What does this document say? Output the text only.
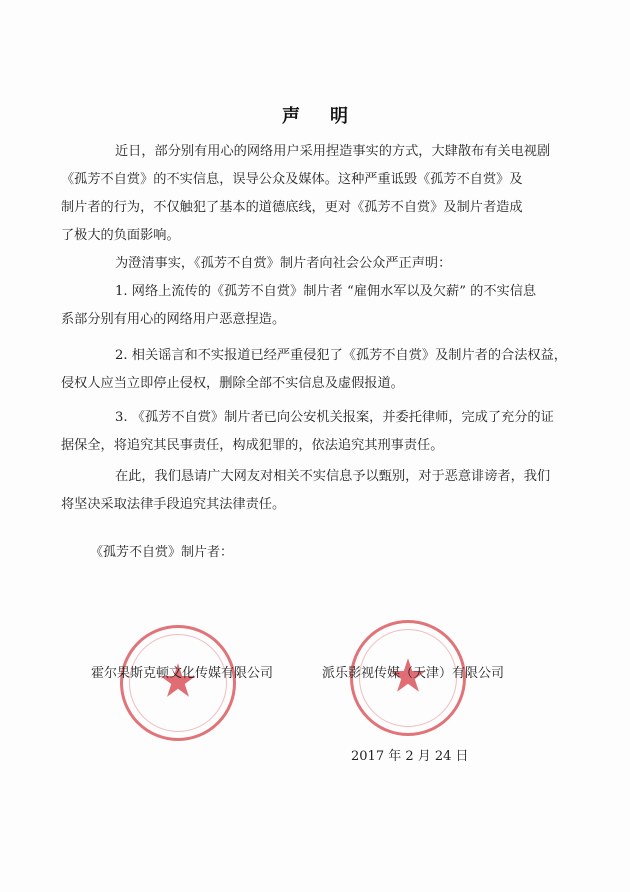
声明

近日，部分别有用心的网络用户采用捏造事实的方式，大肆散布有关电视剧
《孤芳不自赏》的不实信息，误导公众及媒体。这种严重诋毁《孤芳不自赏》及
制片者的行为，不仅触犯了基本的道德底线，更对《孤芳不自赏》及制片者造成
了极大的负面影响。

为澄清事实，《孤芳不自赏》制片者向社会公众严正声明：

1. 网络上流传的《孤芳不自赏》制片者 “雇佣水军以及欠薪” 的不实信息
系部分别有用心的网络用户恶意捏造。

2. 相关谣言和不实报道已经严重侵犯了《孤芳不自赏》及制片者的合法权益，
侵权人应当立即停止侵权，删除全部不实信息及虚假报道。

3. 《孤芳不自赏》制片者已向公安机关报案，并委托律师，完成了充分的证
据保全，将追究其民事责任，构成犯罪的，依法追究其刑事责任。

在此，我们恳请广大网友对相关不实信息予以甄别，对于恶意诽谤者，我们
将坚决采取法律手段追究其法律责任。

《孤芳不自赏》制片者：
★
霍尔果斯克顿文化传媒有限公司 ★
派乐影视传媒（天津）有限公司
2017 年 2 月 24 日
